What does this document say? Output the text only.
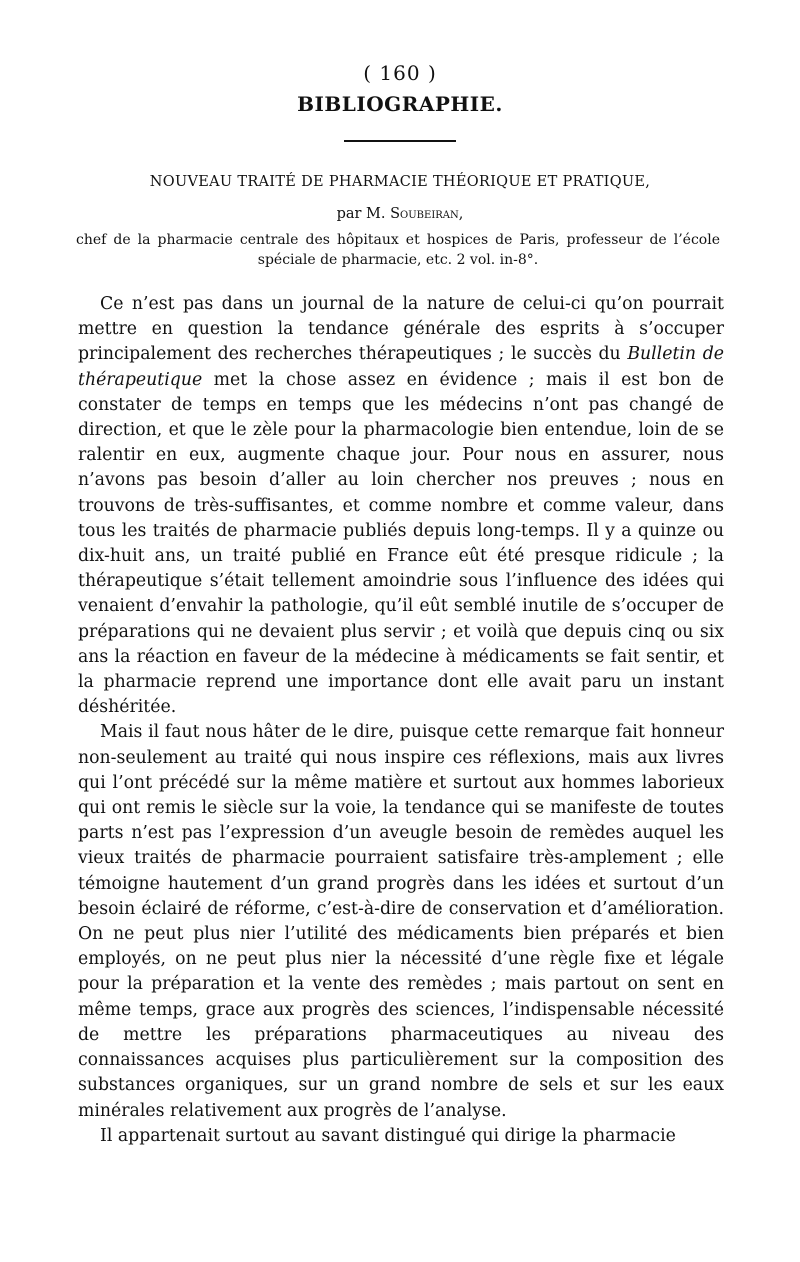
( 160 )
BIBLIOGRAPHIE.
NOUVEAU TRAITÉ DE PHARMACIE THÉORIQUE ET PRATIQUE,
par M. Soubeiran,
chef de la pharmacie centrale des hôpitaux et hospices de Paris, professeur de l’école spéciale de pharmacie, etc. 2 vol. in-8°.

Ce n’est pas dans un journal de la nature de celui-ci qu’on pourrait mettre en question la tendance générale des esprits à s’occuper principalement des recherches thérapeutiques ; le succès du Bulletin de thérapeutique met la chose assez en évidence ; mais il est bon de constater de temps en temps que les médecins n’ont pas changé de direction, et que le zèle pour la pharmacologie bien entendue, loin de se ralentir en eux, augmente chaque jour. Pour nous en assurer, nous n’avons pas besoin d’aller au loin chercher nos preuves ; nous en trouvons de très-suffisantes, et comme nombre et comme valeur, dans tous les traités de pharmacie publiés depuis long-temps. Il y a quinze ou dix-huit ans, un traité publié en France eût été presque ridicule ; la thérapeutique s’était tellement amoindrie sous l’influence des idées qui venaient d’envahir la pathologie, qu’il eût semblé inutile de s’occuper de préparations qui ne devaient plus servir ; et voilà que depuis cinq ou six ans la réaction en faveur de la médecine à médicaments se fait sentir, et la pharmacie reprend une importance dont elle avait paru un instant déshéritée.

Mais il faut nous hâter de le dire, puisque cette remarque fait honneur non-seulement au traité qui nous inspire ces réflexions, mais aux livres qui l’ont précédé sur la même matière et surtout aux hommes laborieux qui ont remis le siècle sur la voie, la tendance qui se manifeste de toutes parts n’est pas l’expression d’un aveugle besoin de remèdes auquel les vieux traités de pharmacie pourraient satisfaire très-amplement ; elle témoigne hautement d’un grand progrès dans les idées et surtout d’un besoin éclairé de réforme, c’est-à-dire de conservation et d’amélioration. On ne peut plus nier l’utilité des médicaments bien préparés et bien employés, on ne peut plus nier la nécessité d’une règle fixe et légale pour la préparation et la vente des remèdes ; mais partout on sent en même temps, grace aux progrès des sciences, l’indispensable nécessité de mettre les préparations pharmaceutiques au niveau des connaissances acquises plus particulièrement sur la composition des substances organiques, sur un grand nombre de sels et sur les eaux minérales relativement aux progrès de l’analyse.

Il appartenait surtout au savant distingué qui dirige la pharmacie
